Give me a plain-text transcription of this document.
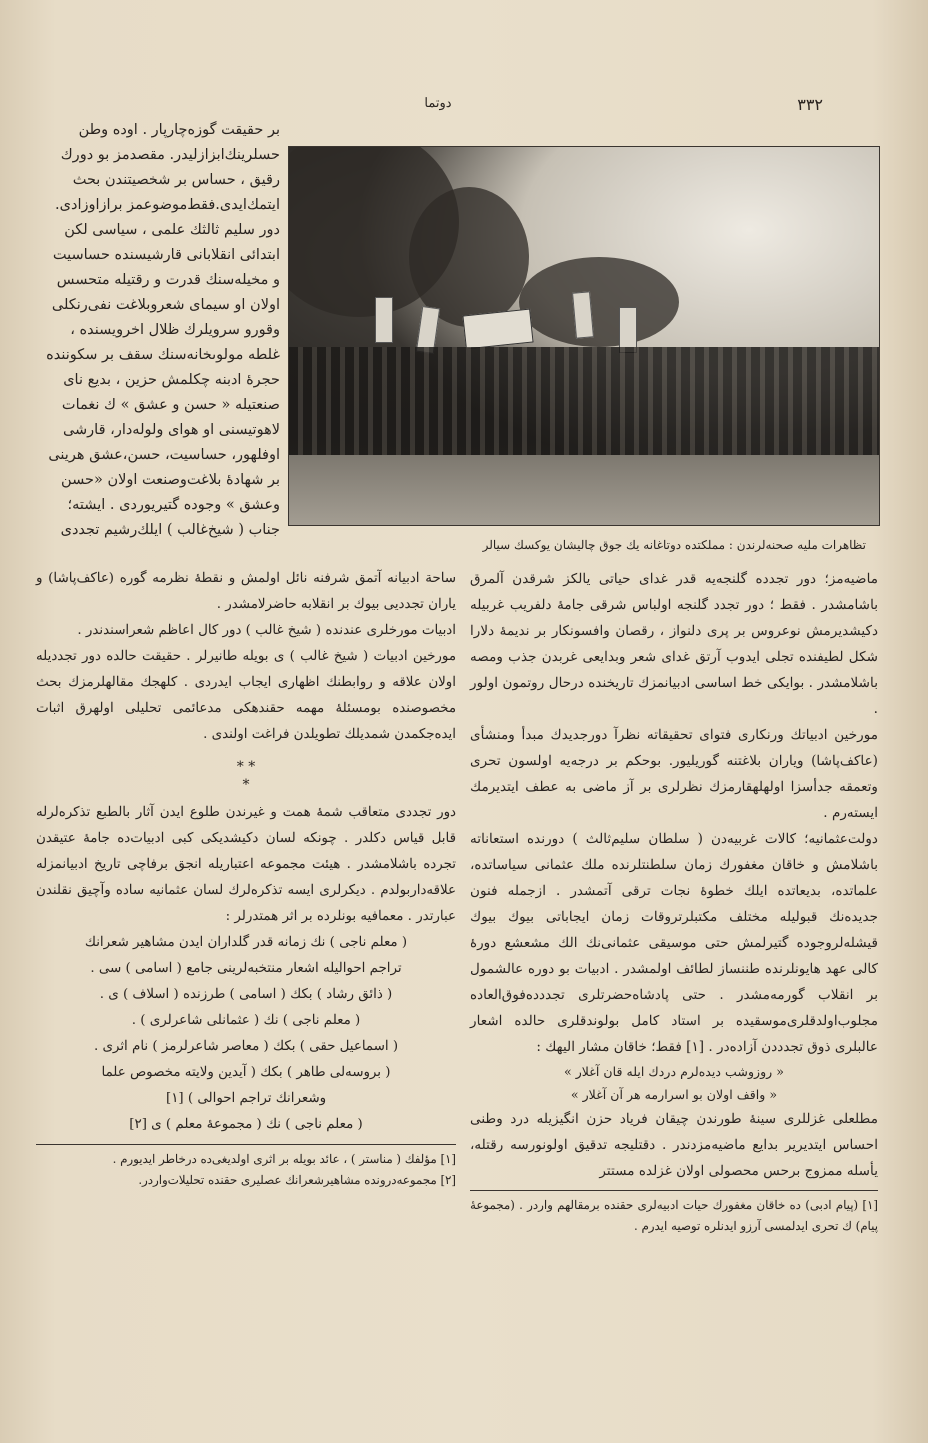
۳۳۲
دوتما
بر حقيقت گوزه‌چارپار . اوده وطن
حسلرينك‌ابزازليدر. مقصدمز بو دورك
رقيق ، حساس بر شخصيتندن بحث
ايتمك‌ايدى.فقط‌موضوعمز برازاوزادى.
دور سليم ثالثك علمى ، سياسى لكن
ابتدائى انقلابانى قارشيسنده حساسيت
و مخيله‌سنك قدرت و رقتيله متحسس
اولان او سيماى شعروبلاغت نفى‌رنكلى
وقورو سرويلرك ظلال اخرويسنده ،
غلطه مولوىخانه‌سنك سقف بر سكوننده
حجرهٔ ادبنه چكلمش حزين ، بديع ناى
صنعتيله « حسن و عشق » ك نغمات
لاهوتيسنى او هواى ولوله‌دار، قارشى
اوفلهور، حساسيت، حسن،عشق هرينى
بر شهادهٔ بلاغت‌وصنعت اولان «حسن
وعشق » وجوده گتيريوردى . ايشته؛
جناب ( شيخ‌غالب ) ايلك‌رشيم تجددى
تظاهرات مليه صحنه‌لرندن : مملكتده دوتاغانه يك جوق چاليشان يوكسك سيالر

ماضيه‌مز؛ دور تجدده گلنجه‌يه قدر غداى حياتى يالكز شرقدن آلمرق باشامشدر . فقط ؛ دور تجدد گلنجه اولباس شرقى جامهٔ دلفريب غربيله دكيشديرمش نوعروس بر پرى دلنواز ، رقصان وافسونكار بر نديمهٔ دلارا شكل لطيفنده تجلى ايدوب آرتق غداى شعر وبدايعى غربدن جذب ومصه باشلامشدر . بوايكى خط اساسى ادبيانمزك تاريخنده درحال روتمون اولور .

مورخين ادبياتك ورنكارى فتواى تحقيقاته نظرآ دورجديدك مبدأ ومنشأى (عاكف‌پاشا) وياران بلاغتنه گوريليور. بوحكم بر درجه‌يه اولسون تحرى وتعمقه جدأسزا اولهلهقارمزك نظرلرى بر آز ماضى به عطف ايتديرمك ايسته‌رم .

دولت‌عثمانيه؛ كالات غربيه‌دن ( سلطان سليم‌ثالث ) دورنده استعاناته باشلامش و خاقان مغفورك زمان سلطنتلرنده ملك عثمانى سياساتده، علماتده، بديعاتده ايلك خطوهٔ نجات ترقى آتمشدر . ازجمله فنون جديده‌نك قبوليله مختلف مكتبلرتروقات زمان ايجاباتى بيوك بيوك قيشله‌لروجوده گتيرلمش حتى موسيقى عثمانى‌نك الك مشعشع دورهٔ كالى عهد هايونلرنده طننساز لطائف اولمشدر . ادبيات بو دوره عالشمول بر انقلاب گورمه‌مشدر . حتى پادشاه‌حضرتلرى تجددده‌فوق‌العاده مجلوب‌اولدقلرى‌موسقيده بر استاد كامل بولوندقلرى حالده اشعار عالبلرى ذوق تجدددن آزاده‌در . [١] فقط؛ خاقان مشار اليهك :

« روزوشب ديده‌لرم دردك ايله قان آغلار »
« واقف اولان بو اسرارمه هر آن آغلار »

مطلعلى غزللرى سينهٔ طورندن چيقان فرياد حزن انگيزيله درد وطنى احساس ايتديرير بدايع ماضيه‌مزدندر . دقتليجه تدقيق اولونورسه رقتله، يأسله ممزوج برحس محصولى اولان غزلده مستتر

[١] (پيام ادبى) ده خاقان مغفورك حيات ادبيه‌لرى حقنده برمقالهم واردر . (مجموعهٔ پيام) ك تحرى ايدلمسى آرزو ايدنلره توصيه ايدرم .

ساحة ادبيانه آتمق شرفنه نائل اولمش و نقطهٔ نظرمه گوره (عاكف‌پاشا) و ياران تجدديى بيوك بر انقلابه حاضرلامشدر .

ادبيات مورخلرى عندنده ( شيخ غالب ) دور كال اعاظم شعراسندندر .

مورخين ادبيات ( شيخ غالب ) ى بويله طانيرلر . حقيقت حالده دور تجدديله اولان علاقه و روابطنك اظهارى ايجاب ايدردى . كلهجك مقالهلرمزك بحث مخصوصنده بومسئلهٔ مهمه حقندهكى مدعائمى تحليلى اولهرق اثبات ايده‌جكمدن شمديلك تطويلدن فراغت اولندى .

* *
*

دور تجددى متعاقب شمهٔ همت و غيرندن طلوع ايدن آثار بالطبع تذكره‌لرله قابل قياس دكلدر . چونكه لسان دكيشديكى كبى ادبيات‌ده جامهٔ عتيقدن تجرده باشلامشدر . هيئت مجموعه اعتباريله انجق برفاچى تاريخ ادبيانمزله علاقه‌داربولدم . ديكرلرى ايسه تذكره‌لرك لسان عثمانيه ساده وآچيق نقلندن عبارتدر . معمافيه بونلرده بر اثر همتدرلر :

( معلم ناجى ) نك زمانه قدر گلداران ايدن مشاهير شعرانك
تراجم احواليله اشعار منتخبه‌لرينى جامع ( اسامى ) سى .
( ذائق رشاد ) بكك ( اسامى ) طرزنده ( اسلاف ) ى .
( معلم ناجى ) نك ( عثمانلى شاعرلرى ) .
( اسماعيل حقى ) بكك ( معاصر شاعرلرمز ) نام اثرى .
( بروسه‌لى طاهر ) بكك ( آيدين ولايته مخصوص علما
وشعرانك تراجم احوالى ) [١]
( معلم ناجى ) نك ( مجموعهٔ معلم ) ى [٢]

[١] مؤلفك ( مناستر ) ، عائد بويله بر اثرى اولديغى‌ده درخاطر ايديورم .

[٢] مجموعه‌درونده مشاهيرشعرانك عصليرى حقنده تحليلات‌واردر.
